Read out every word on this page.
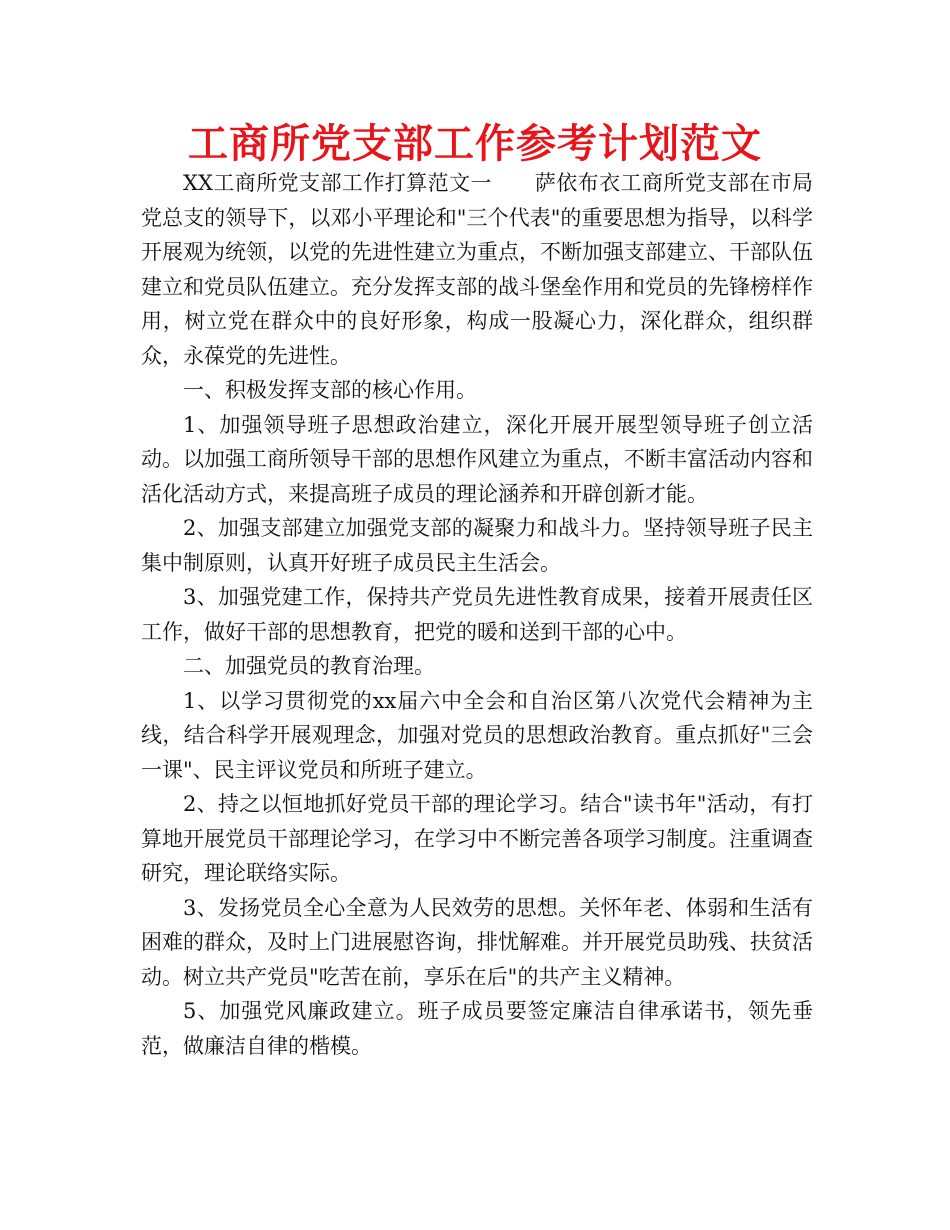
工商所党支部工作参考计划范文

XX工商所党支部工作打算范文一　　萨依布衣工商所党支部在市局党总支的领导下，以邓小平理论和"三个代表"的重要思想为指导，以科学开展观为统领，以党的先进性建立为重点，不断加强支部建立、干部队伍建立和党员队伍建立。充分发挥支部的战斗堡垒作用和党员的先锋榜样作用，树立党在群众中的良好形象，构成一股凝心力，深化群众，组织群众，永葆党的先进性。

一、积极发挥支部的核心作用。

1、加强领导班子思想政治建立，深化开展开展型领导班子创立活动。以加强工商所领导干部的思想作风建立为重点，不断丰富活动内容和活化活动方式，来提高班子成员的理论涵养和开辟创新才能。

2、加强支部建立加强党支部的凝聚力和战斗力。坚持领导班子民主集中制原则，认真开好班子成员民主生活会。

3、加强党建工作，保持共产党员先进性教育成果，接着开展责任区工作，做好干部的思想教育，把党的暖和送到干部的心中。

二、加强党员的教育治理。

1、以学习贯彻党的xx届六中全会和自治区第八次党代会精神为主线，结合科学开展观理念，加强对党员的思想政治教育。重点抓好"三会一课"、民主评议党员和所班子建立。

2、持之以恒地抓好党员干部的理论学习。结合"读书年"活动，有打算地开展党员干部理论学习，在学习中不断完善各项学习制度。注重调查研究，理论联络实际。

3、发扬党员全心全意为人民效劳的思想。关怀年老、体弱和生活有困难的群众，及时上门进展慰咨询，排忧解难。并开展党员助残、扶贫活动。树立共产党员"吃苦在前，享乐在后"的共产主义精神。

5、加强党风廉政建立。班子成员要签定廉洁自律承诺书，领先垂范，做廉洁自律的楷模。
